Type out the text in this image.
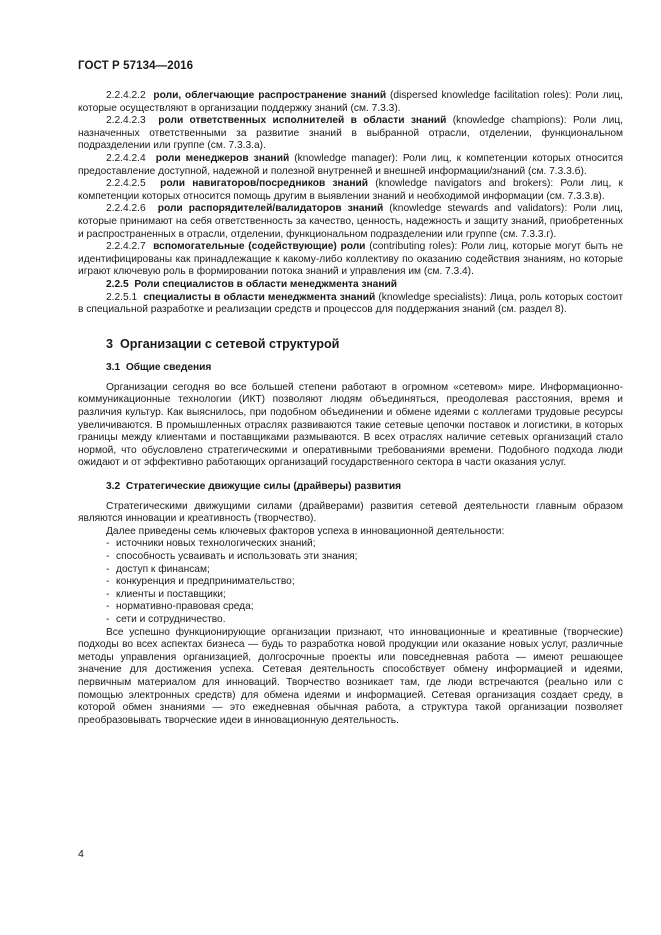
ГОСТ Р 57134—2016

2.2.4.2.2 роли, облегчающие распространение знаний (dispersed knowledge facilitation roles): Роли лиц, которые осуществляют в организации поддержку знаний (см. 7.3.3).

2.2.4.2.3 роли ответственных исполнителей в области знаний (knowledge champions): Роли лиц, назначенных ответственными за развитие знаний в выбранной отрасли, отделении, функциональном подразделении или группе (см. 7.3.3.а).

2.2.4.2.4 роли менеджеров знаний (knowledge manager): Роли лиц, к компетенции которых относится предоставление доступной, надежной и полезной внутренней и внешней информации/знаний (см. 7.3.3.б).

2.2.4.2.5 роли навигаторов/посредников знаний (knowledge navigators and brokers): Роли лиц, к компетенции которых относится помощь другим в выявлении знаний и необходимой информации (см. 7.3.3.в).

2.2.4.2.6 роли распорядителей/валидаторов знаний (knowledge stewards and validators): Роли лиц, которые принимают на себя ответственность за качество, ценность, надежность и защиту знаний, приобретенных и распространенных в отрасли, отделении, функциональном подразделении или группе (см. 7.3.3.г).

2.2.4.2.7 вспомогательные (содействующие) роли (contributing roles): Роли лиц, которые могут быть не идентифицированы как принадлежащие к какому-либо коллективу по оказанию содействия знаниям, но которые играют ключевую роль в формировании потока знаний и управления им (см. 7.3.4).

2.2.5 Роли специалистов в области менеджмента знаний

2.2.5.1 специалисты в области менеджмента знаний (knowledge specialists): Лица, роль которых состоит в специальной разработке и реализации средств и процессов для поддержания знаний (см. раздел 8).

3 Организации с сетевой структурой
3.1 Общие сведения

Организации сегодня во все большей степени работают в огромном «сетевом» мире. Информационно-коммуникационные технологии (ИКТ) позволяют людям объединяться, преодолевая расстояния, время и различия культур. Как выяснилось, при подобном объединении и обмене идеями с коллегами трудовые ресурсы увеличиваются. В промышленных отраслях развиваются такие сетевые цепочки поставок и логистики, в которых границы между клиентами и поставщиками размываются. В всех отраслях наличие сетевых организаций стало нормой, что обусловлено стратегическими и оперативными требованиями времени. Подобного подхода люди ожидают и от эффективно работающих организаций государственного сектора в части оказания услуг.

3.2 Стратегические движущие силы (драйверы) развития

Стратегическими движущими силами (драйверами) развития сетевой деятельности главным образом являются инновации и креативность (творчество).

Далее приведены семь ключевых факторов успеха в инновационной деятельности:

- источники новых технологических знаний;
- способность усваивать и использовать эти знания;
- доступ к финансам;
- конкуренция и предпринимательство;
- клиенты и поставщики;
- нормативно-правовая среда;
- сети и сотрудничество.

Все успешно функционирующие организации признают, что инновационные и креативные (творческие) подходы во всех аспектах бизнеса — будь то разработка новой продукции или оказание новых услуг, различные методы управления организацией, долгосрочные проекты или повседневная работа — имеют решающее значение для достижения успеха. Сетевая деятельность способствует обмену информацией и идеями, первичным материалом для инноваций. Творчество возникает там, где люди встречаются (реально или с помощью электронных средств) для обмена идеями и информацией. Сетевая организация создает среду, в которой обмен знаниями — это ежедневная обычная работа, а структура такой организации позволяет преобразовывать творческие идеи в инновационную деятельность.

4
